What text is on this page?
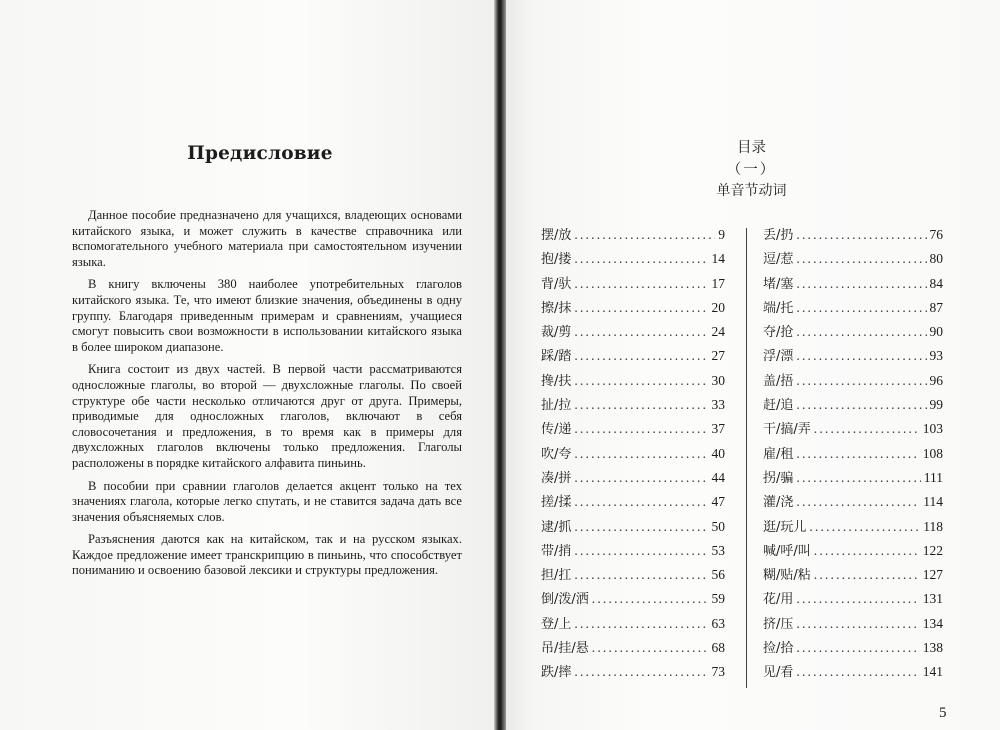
Предисловие

Данное пособие предназначено для учащихся, владеющих основами китайского языка, и может служить в качестве справочника или вспомогательного учебного материала при самостоятельном изучении языка.

В книгу включены 380 наиболее употребительных глаголов китайского языка. Те, что имеют близкие значения, объединены в одну группу. Благодаря приведенным примерам и сравнениям, учащиеся смогут повысить свои возможности в использовании китайского языка в более широком диапазоне.

Книга состоит из двух частей. В первой части рассматриваются односложные глаголы, во второй — двухсложные глаголы. По своей структуре обе части несколько отличаются друг от друга. Примеры, приводимые для односложных глаголов, включают в себя словосочетания и предложения, в то время как в примеры для двухсложных глаголов включены только предложения. Глаголы расположены в порядке китайского алфавита пиньинь.

В пособии при сравнии глаголов делается акцент только на тех значениях глагола, которые легко спутать, и не ставится задача дать все значения объясняемых слов.

Разъяснения даются как на китайском, так и на русском языках. Каждое предложение имеет транскрипцию в пиньинь, что способствует пониманию и освоению базовой лексики и структуры предложения.

目录
（一）
单音节动词
摆/放 .....	9
抱/搂 .....	14
背/驮 .....	17
擦/抹 .....	20
裁/剪 .....	24
踩/踏 .....	27
搀/扶 .....	30
扯/拉 .....	33
传/递 .....	37
吹/夸 .....	40
凑/拼 .....	44
搓/揉 .....	47
逮/抓 .....	50
带/捎 .....	53
担/扛 .....	56
倒/泼/洒 .....	59
登/上 .....	63
吊/挂/悬 .....	68
跌/摔 .....	73
丢/扔 .....	76
逗/惹 .....	80
堵/塞 .....	84
端/托 .....	87
夺/抢 .....	90
浮/漂 .....	93
盖/捂 .....	96
赶/追 .....	99
干/搞/弄 .....	103
雇/租 .....	108
拐/骗 .....	111
灌/浇 .....	114
逛/玩儿 .....	118
喊/呼/叫 .....	122
糊/贴/粘 .....	127
花/用 .....	131
挤/压 .....	134
捡/拾 .....	138
见/看 .....	141
5
